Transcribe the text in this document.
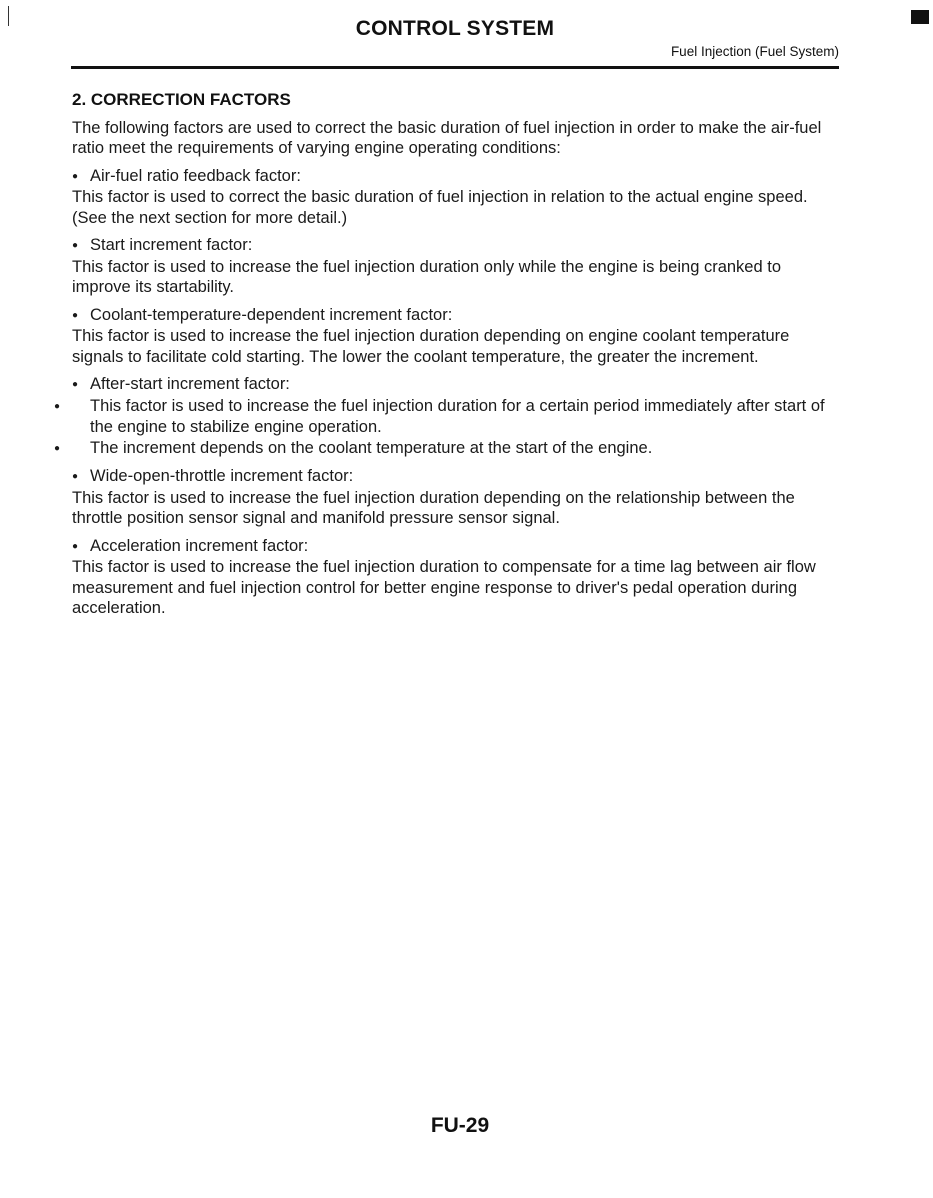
CONTROL SYSTEM
Fuel Injection (Fuel System)
2. CORRECTION FACTORS
The following factors are used to correct the basic duration of fuel injection in order to make the air-fuel ratio meet the requirements of varying engine operating conditions:
● Air-fuel ratio feedback factor:
This factor is used to correct the basic duration of fuel injection in relation to the actual engine speed. (See the next section for more detail.)
● Start increment factor:
This factor is used to increase the fuel injection duration only while the engine is being cranked to improve its startability.
● Coolant-temperature-dependent increment factor:
This factor is used to increase the fuel injection duration depending on engine coolant temperature signals to facilitate cold starting. The lower the coolant temperature, the greater the increment.
● After-start increment factor:
● This factor is used to increase the fuel injection duration for a certain period immediately after start of the engine to stabilize engine operation.
● The increment depends on the coolant temperature at the start of the engine.
● Wide-open-throttle increment factor:
This factor is used to increase the fuel injection duration depending on the relationship between the throttle position sensor signal and manifold pressure sensor signal.
● Acceleration increment factor:
This factor is used to increase the fuel injection duration to compensate for a time lag between air flow measurement and fuel injection control for better engine response to driver's pedal operation during acceleration.
FU-29
